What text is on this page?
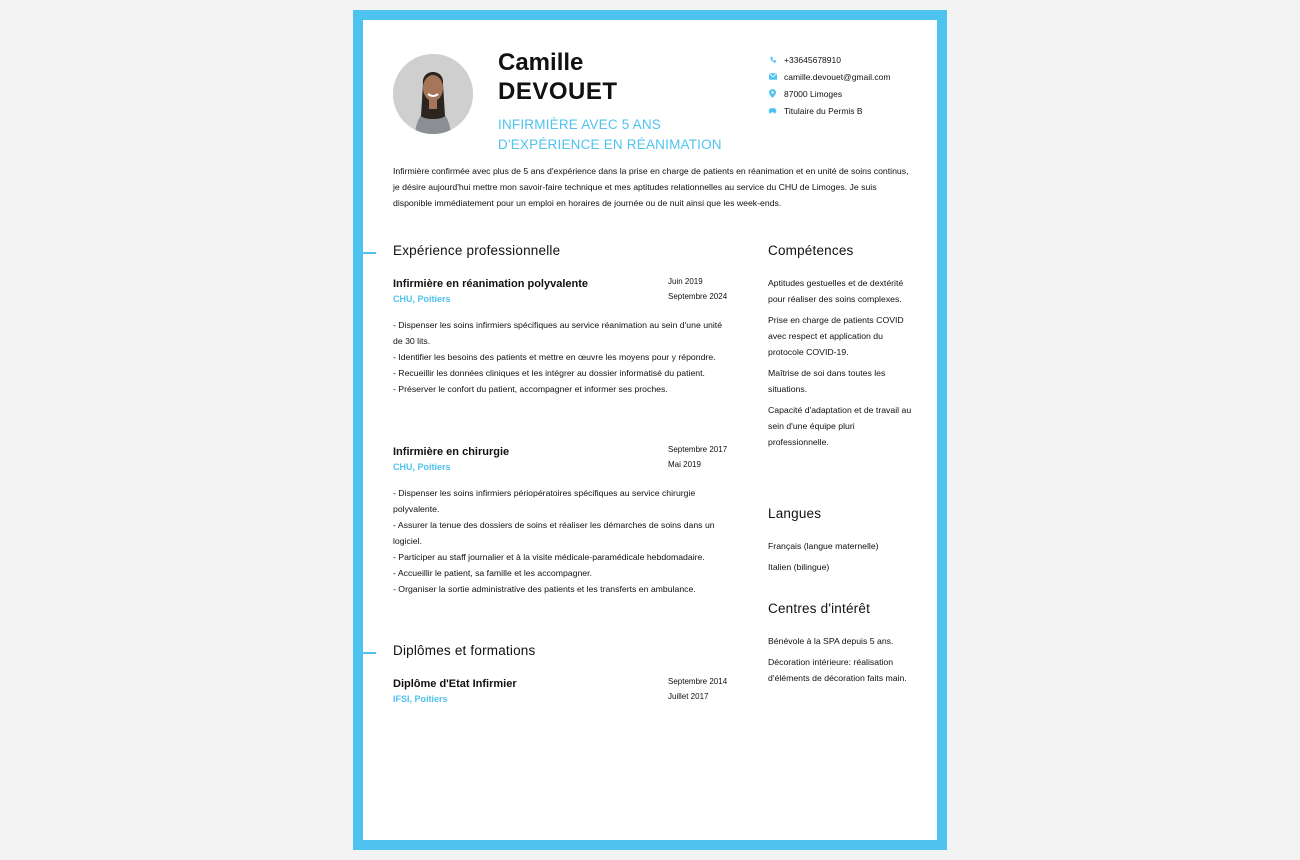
Camille
DEVOUET
INFIRMIÈRE AVEC 5 ANS
D'EXPÉRIENCE EN RÉANIMATION
+33645678910
camille.devouet@gmail.com
87000 Limoges
Titulaire du Permis B
Infirmière confirmée avec plus de 5 ans d'expérience dans la prise en charge de patients en réanimation et en unité de soins continus, je désire aujourd'hui mettre mon savoir-faire technique et mes aptitudes relationnelles au service du CHU de Limoges. Je suis disponible immédiatement pour un emploi en horaires de journée ou de nuit ainsi que les week-ends.
Expérience professionnelle
Infirmière en réanimation polyvalente
CHU, Poitiers
Juin 2019
Septembre 2024
- Dispenser les soins infirmiers spécifiques au service réanimation au sein d'une unité de 30 lits.
- Identifier les besoins des patients et mettre en œuvre les moyens pour y répondre.
- Recueillir les données cliniques et les intégrer au dossier informatisé du patient.
- Préserver le confort du patient, accompagner et informer ses proches.
Infirmière en chirurgie
CHU, Poitiers
Septembre 2017
Mai 2019
- Dispenser les soins infirmiers périopératoires spécifiques au service chirurgie polyvalente.
- Assurer la tenue des dossiers de soins et réaliser les démarches de soins dans un logiciel.
- Participer au staff journalier et à la visite médicale-paramédicale hebdomadaire.
- Accueillir le patient, sa famille et les accompagner.
- Organiser la sortie administrative des patients et les transferts en ambulance.
Diplômes et formations
Diplôme d'Etat Infirmier
IFSI, Poitiers
Septembre 2014
Juillet 2017
Compétences
Aptitudes gestuelles et de dextérité pour réaliser des soins complexes.
Prise en charge de patients COVID avec respect et application du protocole COVID-19.
Maîtrise de soi dans toutes les situations.
Capacité d'adaptation et de travail au sein d'une équipe pluri professionnelle.
Langues
Français (langue maternelle)
Italien (bilingue)
Centres d'intérêt
Bénévole à la SPA depuis 5 ans.
Décoration intérieure: réalisation d'éléments de décoration faits main.
